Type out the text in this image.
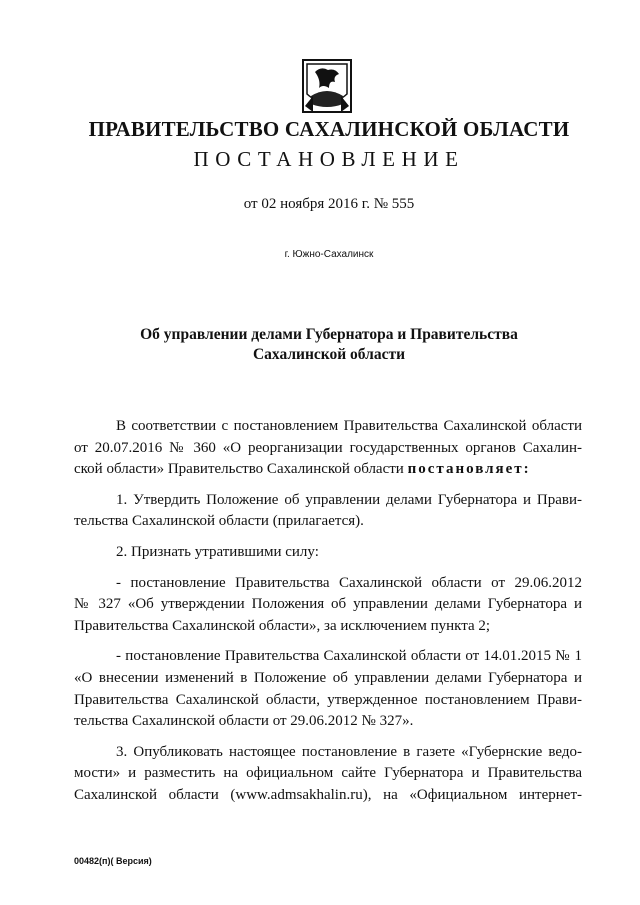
ПРАВИТЕЛЬСТВО САХАЛИНСКОЙ ОБЛАСТИ
ПОСТАНОВЛЕНИЕ
от 02 ноября 2016 г. № 555
г. Южно-Сахалинск
Об управлении делами Губернатора и Правительства
Сахалинской области
В соответствии с постановлением Правительства Сахалинской области
от 20.07.2016 № 360 «О реорганизации государственных органов Сахалин-
ской области» Правительство Сахалинской области постановляет:
1. Утвердить Положение об управлении делами Губернатора и Прави-
тельства Сахалинской области (прилагается).
2. Признать утратившими силу:
- постановление Правительства Сахалинской области от 29.06.2012
№ 327 «Об утверждении Положения об управлении делами Губернатора и
Правительства Сахалинской области», за исключением пункта 2;
- постановление Правительства Сахалинской области от 14.01.2015 № 1
«О внесении изменений в Положение об управлении делами Губернатора и
Правительства Сахалинской области, утвержденное постановлением Прави-
тельства Сахалинской области от 29.06.2012 № 327».
3. Опубликовать настоящее постановление в газете «Губернские ведо-
мости» и разместить на официальном сайте Губернатора и Правительства
Сахалинской области (www.admsakhalin.ru), на «Официальном интернет-
00482(п)( Версия)
